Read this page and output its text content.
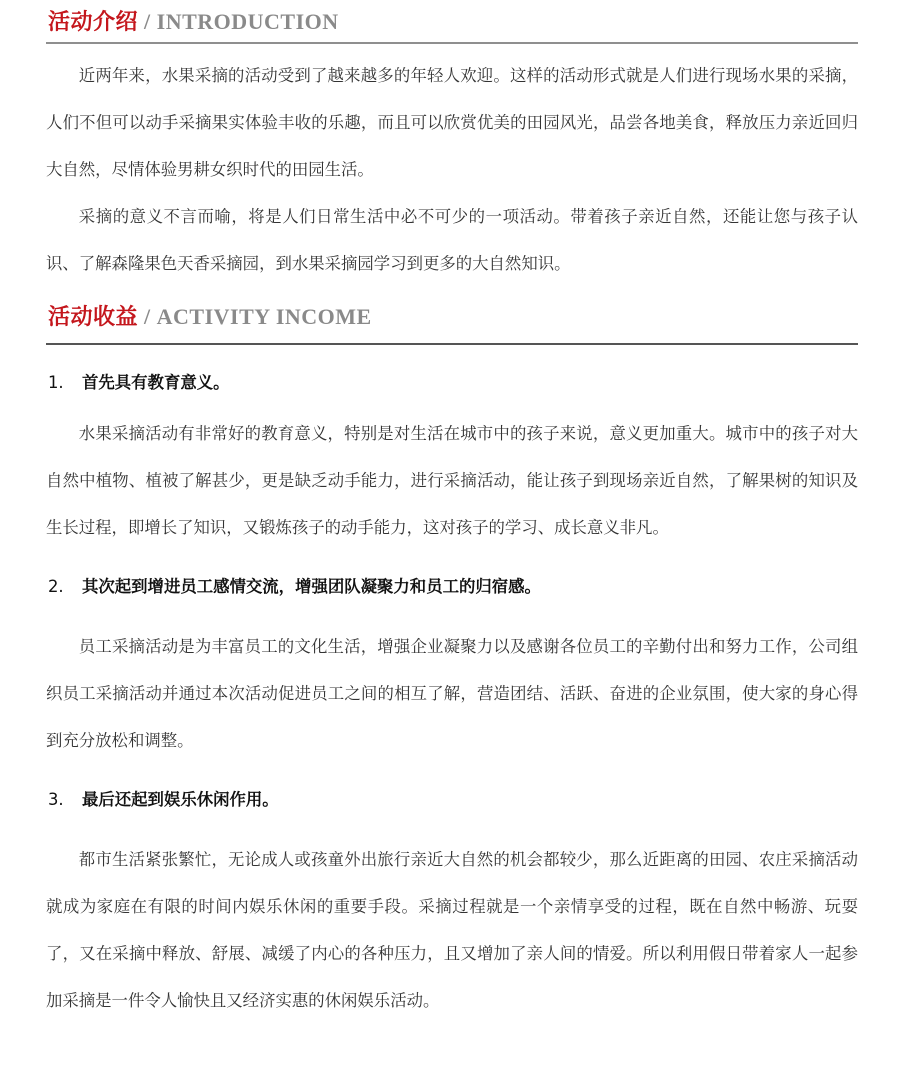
活动介绍 / INTRODUCTION

近两年来，水果采摘的活动受到了越来越多的年轻人欢迎。这样的活动形式就是人们进行现场水果的采摘，人们不但可以动手采摘果实体验丰收的乐趣，而且可以欣赏优美的田园风光，品尝各地美食，释放压力亲近回归大自然，尽情体验男耕女织时代的田园生活。

采摘的意义不言而喻，将是人们日常生活中必不可少的一项活动。带着孩子亲近自然，还能让您与孩子认识、了解森隆果色天香采摘园，到水果采摘园学习到更多的大自然知识。

活动收益 / ACTIVITY INCOME
1. 首先具有教育意义。

水果采摘活动有非常好的教育意义，特别是对生活在城市中的孩子来说，意义更加重大。城市中的孩子对大自然中植物、植被了解甚少，更是缺乏动手能力，进行采摘活动，能让孩子到现场亲近自然，了解果树的知识及生长过程，即增长了知识，又锻炼孩子的动手能力，这对孩子的学习、成长意义非凡。

2. 其次起到增进员工感情交流，增强团队凝聚力和员工的归宿感。

员工采摘活动是为丰富员工的文化生活，增强企业凝聚力以及感谢各位员工的辛勤付出和努力工作，公司组织员工采摘活动并通过本次活动促进员工之间的相互了解，营造团结、活跃、奋进的企业氛围，使大家的身心得到充分放松和调整。

3. 最后还起到娱乐休闲作用。

都市生活紧张繁忙，无论成人或孩童外出旅行亲近大自然的机会都较少，那么近距离的田园、农庄采摘活动就成为家庭在有限的时间内娱乐休闲的重要手段。采摘过程就是一个亲情享受的过程，既在自然中畅游、玩耍了，又在采摘中释放、舒展、减缓了内心的各种压力，且又增加了亲人间的情爱。所以利用假日带着家人一起参加采摘是一件令人愉快且又经济实惠的休闲娱乐活动。
